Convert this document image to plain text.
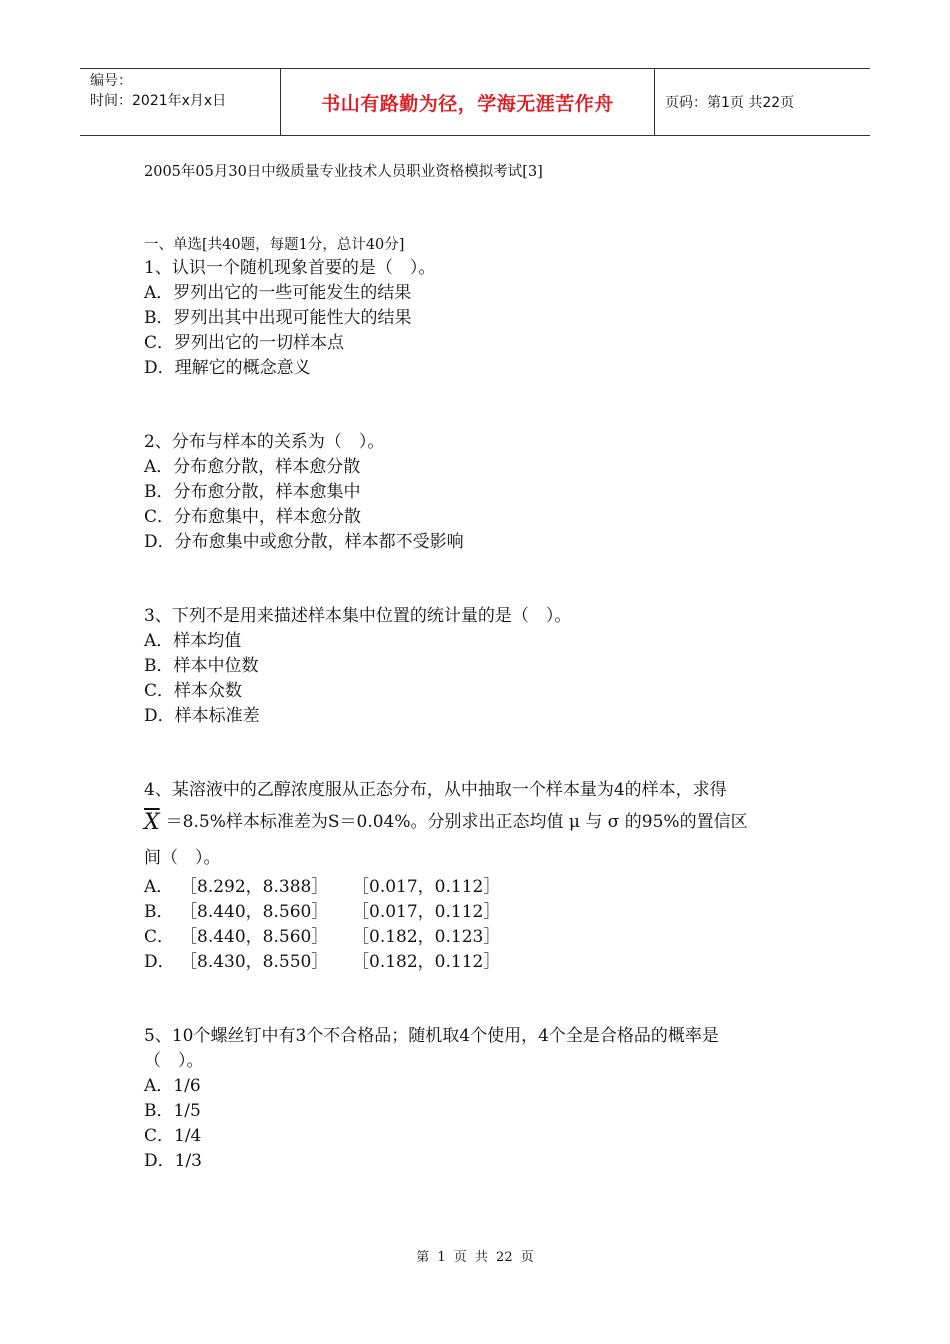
编号：
时间：2021年x月x日	书山有路勤为径，学海无涯苦作舟	页码：第1页 共22页
2005年05月30日中级质量专业技术人员职业资格模拟考试[3]
一、单选[共40题，每题1分，总计40分]
1、认识一个随机现象首要的是（　）。
A．罗列出它的一些可能发生的结果
B．罗列出其中出现可能性大的结果
C．罗列出它的一切样本点
D．理解它的概念意义
2、分布与样本的关系为（　）。
A．分布愈分散，样本愈分散
B．分布愈分散，样本愈集中
C．分布愈集中，样本愈分散
D．分布愈集中或愈分散，样本都不受影响
3、下列不是用来描述样本集中位置的统计量的是（　）。
A．样本均值
B．样本中位数
C．样本众数
D．样本标准差
4、某溶液中的乙醇浓度服从正态分布，从中抽取一个样本量为4的样本，求得
$\overline{X} =8.5\%$样本标准差为S＝0.04%。分别求出正态均值 μ 与 σ 的95%的置信区
间（　）。
A． ［8.292，8.388］	［0.017，0.112］
B． ［8.440，8.560］	［0.017，0.112］
C． ［8.440，8.560］	［0.182，0.123］
D． ［8.430，8.550］	［0.182，0.112］
5、10个螺丝钉中有3个不合格品；随机取4个使用，4个全是合格品的概率是
（　）。
A．1/6
B．1/5
C．1/4
D．1/3
第 1 页 共 22 页
